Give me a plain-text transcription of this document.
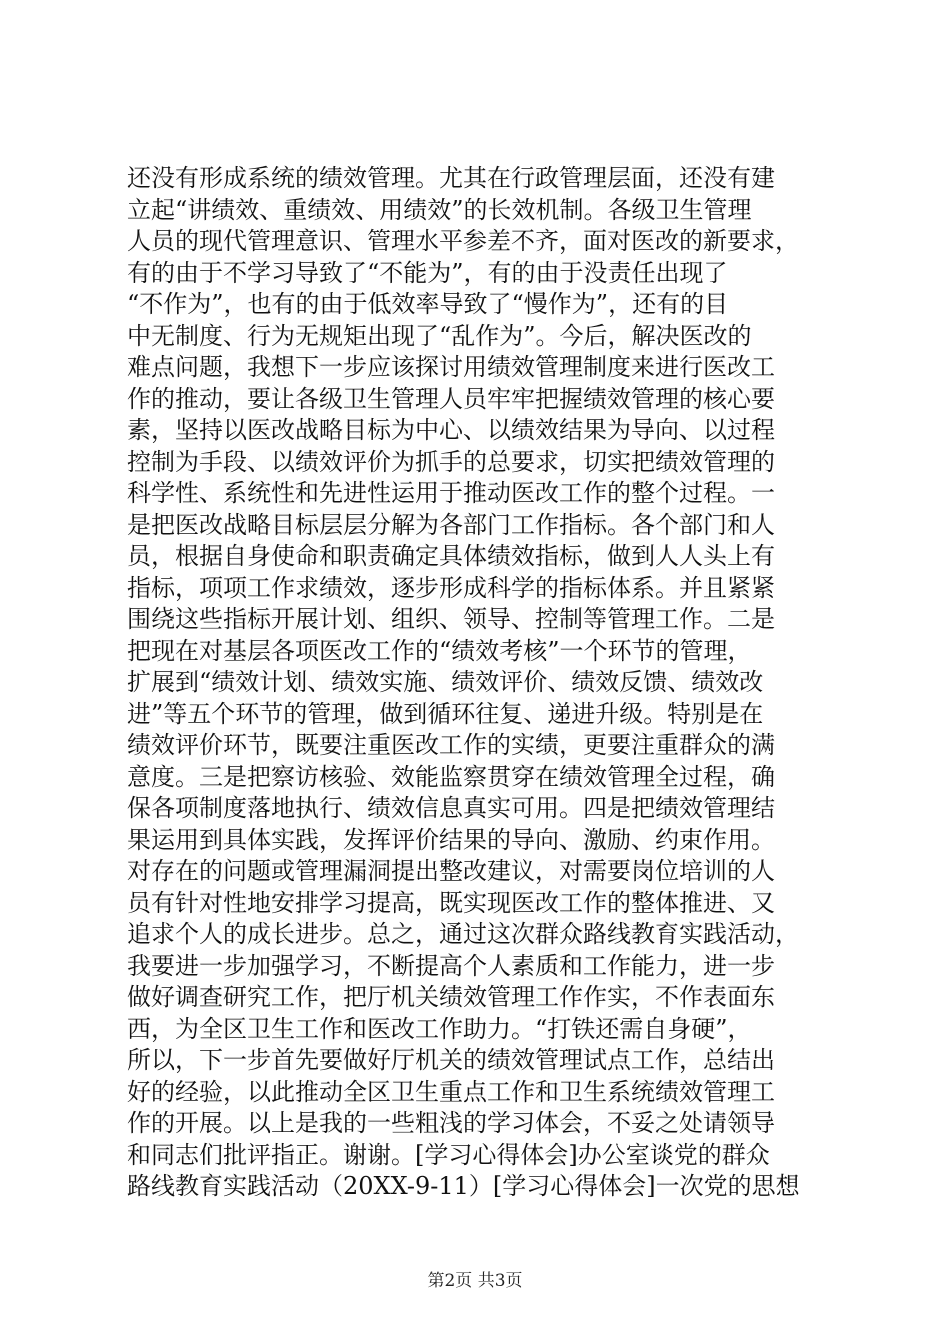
还没有形成系统的绩效管理。尤其在行政管理层面，还没有建
立起“讲绩效、重绩效、用绩效”的长效机制。各级卫生管理
人员的现代管理意识、管理水平参差不齐，面对医改的新要求，
有的由于不学习导致了“不能为”，有的由于没责任出现了
“不作为”，也有的由于低效率导致了“慢作为”，还有的目
中无制度、行为无规矩出现了“乱作为”。今后，解决医改的
难点问题，我想下一步应该探讨用绩效管理制度来进行医改工
作的推动，要让各级卫生管理人员牢牢把握绩效管理的核心要
素，坚持以医改战略目标为中心、以绩效结果为导向、以过程
控制为手段、以绩效评价为抓手的总要求，切实把绩效管理的
科学性、系统性和先进性运用于推动医改工作的整个过程。一
是把医改战略目标层层分解为各部门工作指标。各个部门和人
员，根据自身使命和职责确定具体绩效指标，做到人人头上有
指标，项项工作求绩效，逐步形成科学的指标体系。并且紧紧
围绕这些指标开展计划、组织、领导、控制等管理工作。二是
把现在对基层各项医改工作的“绩效考核”一个环节的管理，
扩展到“绩效计划、绩效实施、绩效评价、绩效反馈、绩效改
进”等五个环节的管理，做到循环往复、递进升级。特别是在
绩效评价环节，既要注重医改工作的实绩，更要注重群众的满
意度。三是把察访核验、效能监察贯穿在绩效管理全过程，确
保各项制度落地执行、绩效信息真实可用。四是把绩效管理结
果运用到具体实践，发挥评价结果的导向、激励、约束作用。
对存在的问题或管理漏洞提出整改建议，对需要岗位培训的人
员有针对性地安排学习提高，既实现医改工作的整体推进、又
追求个人的成长进步。总之，通过这次群众路线教育实践活动，
我要进一步加强学习，不断提高个人素质和工作能力，进一步
做好调查研究工作，把厅机关绩效管理工作作实，不作表面东
西，为全区卫生工作和医改工作助力。“打铁还需自身硬”，
所以，下一步首先要做好厅机关的绩效管理试点工作，总结出
好的经验，以此推动全区卫生重点工作和卫生系统绩效管理工
作的开展。以上是我的一些粗浅的学习体会，不妥之处请领导
和同志们批评指正。谢谢。[学习心得体会]办公室谈党的群众
路线教育实践活动（20XX-9-11）[学习心得体会]一次党的思想
第2页 共3页
